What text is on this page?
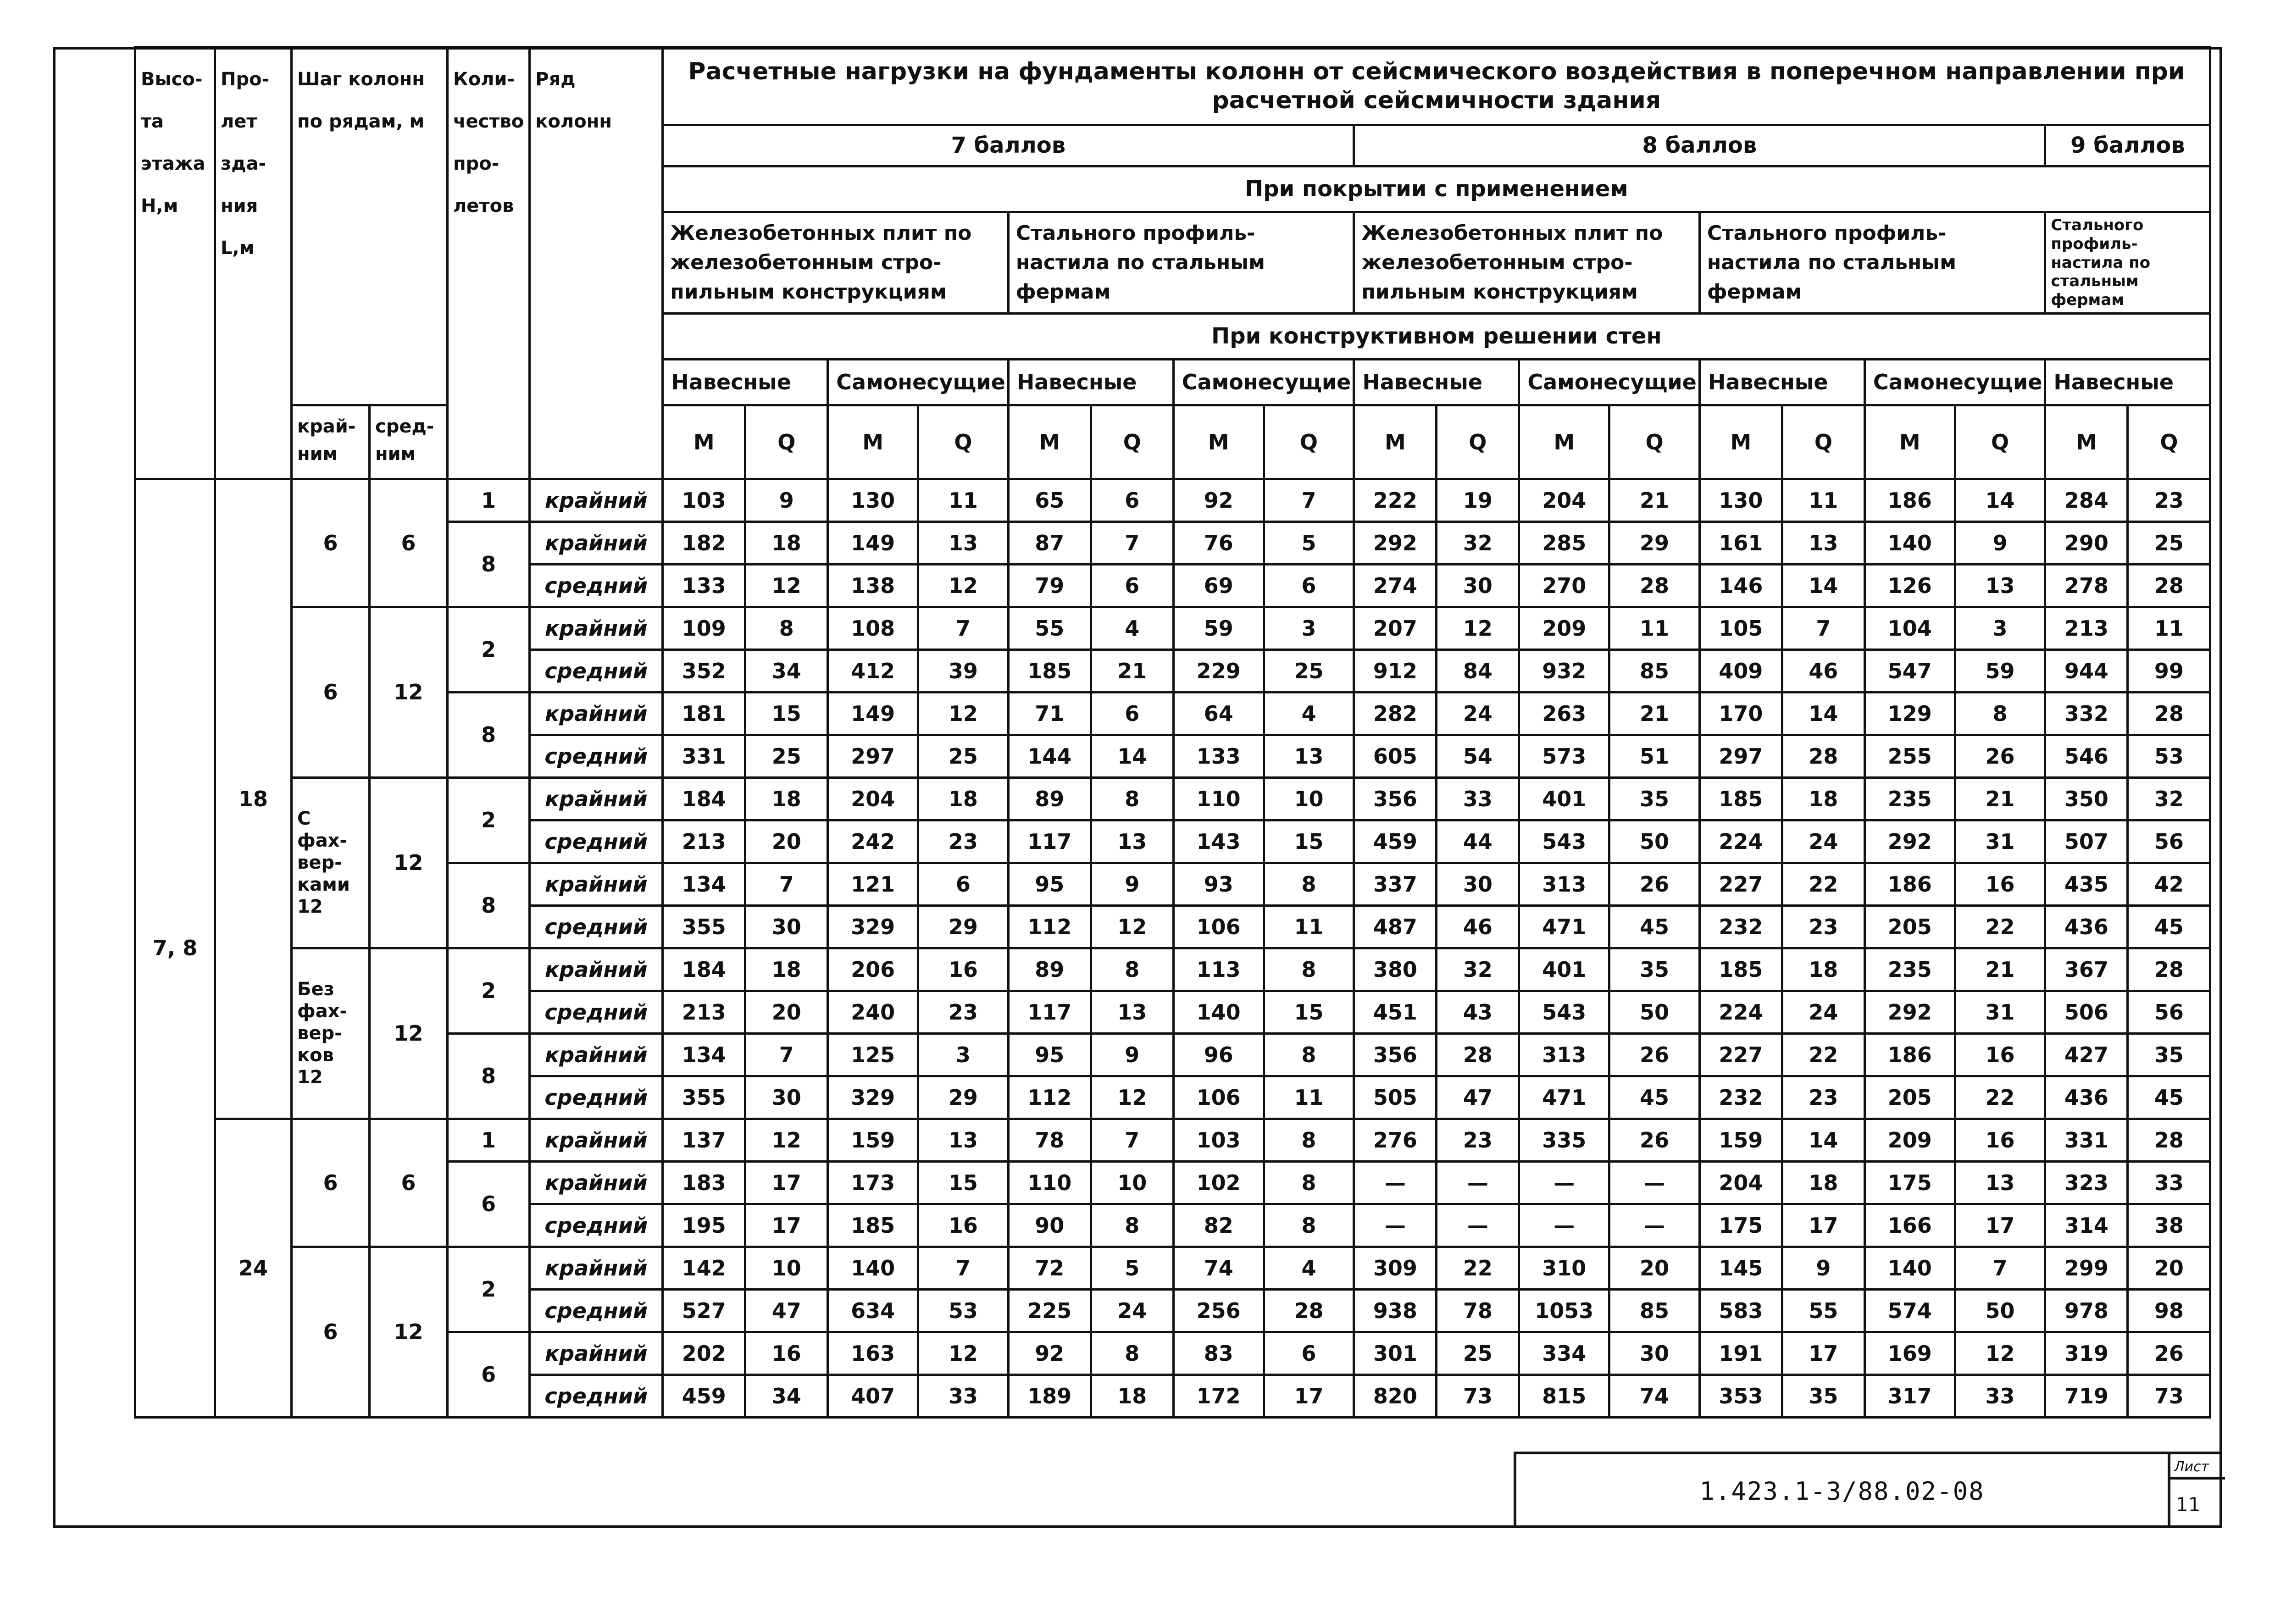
Высо-та этажа H,м	Про-лет зда-ния L,м	Шаг колонн по рядам, м		Коли-чество про-летов	Ряд колонн	Расчетные нагрузки на фундаменты колонн от сейсмического воздействия в поперечном направлении при расчетной сейсмичности здания																	
						7 баллов								8 баллов								9 баллов	
						При покрытии с применением																	
						Железобетонных плит по железобетонным стро-пильным конструкциям				Стального профиль-настила по стальным фермам				Железобетонных плит по железобетонным стро-пильным конструкциям				Стального профиль-настила по стальным фермам				Стального профиль-настила по стальным фермам	
						При конструктивном решении стен																	
						Навесные		Самонесущие		Навесные		Самонесущие		Навесные		Самонесущие		Навесные		Самонесущие		Навесные	
		край-ним	сред-ним			M	Q	M	Q	M	Q	M	Q	M	Q	M	Q	M	Q	M	Q	M	Q

7, 8	18	6	6	1	крайний	103	9	130	11	65	6	92	7	222	19	204	21	130	11	186	14	284	23
				8	крайний	182	18	149	13	87	7	76	5	292	32	285	29	161	13	140	9	290	25
					средний	133	12	138	12	79	6	69	6	274	30	270	28	146	14	126	13	278	28
		6	12	2	крайний	109	8	108	7	55	4	59	3	207	12	209	11	105	7	104	3	213	11
					средний	352	34	412	39	185	21	229	25	912	84	932	85	409	46	547	59	944	99
				8	крайний	181	15	149	12	71	6	64	4	282	24	263	21	170	14	129	8	332	28
					средний	331	25	297	25	144	14	133	13	605	54	573	51	297	28	255	26	546	53
		С фах-вер-ками 12	12	2	крайний	184	18	204	18	89	8	110	10	356	33	401	35	185	18	235	21	350	32
					средний	213	20	242	23	117	13	143	15	459	44	543	50	224	24	292	31	507	56
				8	крайний	134	7	121	6	95	9	93	8	337	30	313	26	227	22	186	16	435	42
					средний	355	30	329	29	112	12	106	11	487	46	471	45	232	23	205	22	436	45
		Без фах-вер-ков 12	12	2	крайний	184	18	206	16	89	8	113	8	380	32	401	35	185	18	235	21	367	28
					средний	213	20	240	23	117	13	140	15	451	43	543	50	224	24	292	31	506	56
				8	крайний	134	7	125	3	95	9	96	8	356	28	313	26	227	22	186	16	427	35
					средний	355	30	329	29	112	12	106	11	505	47	471	45	232	23	205	22	436	45
	24	6	6	1	крайний	137	12	159	13	78	7	103	8	276	23	335	26	159	14	209	16	331	28
				6	крайний	183	17	173	15	110	10	102	8	—	—	—	—	204	18	175	13	323	33
					средний	195	17	185	16	90	8	82	8	—	—	—	—	175	17	166	17	314	38
		6	12	2	крайний	142	10	140	7	72	5	74	4	309	22	310	20	145	9	140	7	299	20
					средний	527	47	634	53	225	24	256	28	938	78	1053	85	583	55	574	50	978	98
				6	крайний	202	16	163	12	92	8	83	6	301	25	334	30	191	17	169	12	319	26
					средний	459	34	407	33	189	18	172	17	820	73	815	74	353	35	317	33	719	73
1.423.1-3/88.02-08
Лист
11
